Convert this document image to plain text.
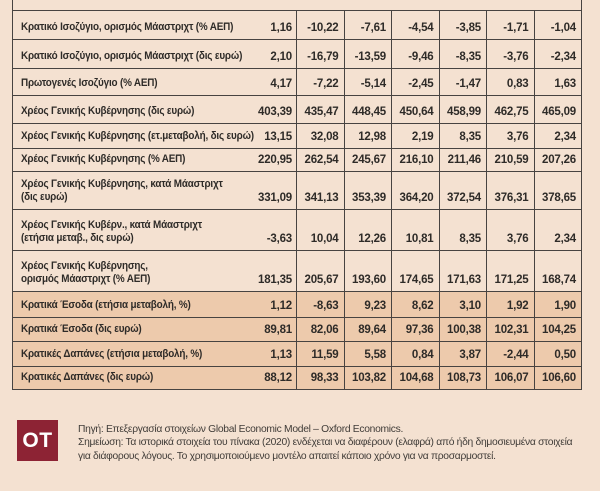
Κρατικό Ισοζύγιο, ορισμός Μάαστριχτ (% ΑΕΠ)	1,16	-10,22	-7,61	-4,54	-3,85	-1,71	-1,04
Κρατικό Ισοζύγιο, ορισμός Μάαστριχτ (δις ευρώ) 2,10	-16,79	-13,59	-9,46	-8,35	-3,76	-2,34
Πρωτογενές Ισοζύγιο (% ΑΕΠ)	4,17	-7,22	-5,14	-2,45	-1,47	0,83	1,63
Χρέος Γενικής Κυβέρνησης (δις ευρώ)	403,39	435,47	448,45	450,64	458,99	462,75	465,09
Χρέος Γενικής Κυβέρνησης (ετ.μεταβολή, δις ευρώ) 13,15	32,08	12,98	2,19	8,35	3,76	2,34
Χρέος Γενικής Κυβέρνησης (% ΑΕΠ)	220,95	262,54	245,67	216,10	211,46	210,59	207,26
Χρέος Γενικής Κυβέρνησης, κατά Μάαστριχτ
(δις ευρώ)	331,09	341,13	353,39	364,20	372,54	376,31	378,65
Χρέος Γενικής Κυβέρν., κατά Μάαστριχτ
(ετήσια μεταβ., δις ευρώ)	-3,63	10,04	12,26	10,81	8,35	3,76	2,34
Χρέος Γενικής Κυβέρνησης,
ορισμός Μάαστριχτ (% ΑΕΠ)	181,35	205,67	193,60	174,65	171,63	171,25	168,74
Κρατικά Έσοδα (ετήσια μεταβολή, %)	1,12	-8,63	9,23	8,62	3,10	1,92	1,90
Κρατικά Έσοδα (δις ευρώ)	89,81	82,06	89,64	97,36	100,38	102,31	104,25
Κρατικές Δαπάνες (ετήσια μεταβολή, %)	1,13	11,59	5,58	0,84	3,87	-2,44	0,50
Κρατικές Δαπάνες (δις ευρώ)	88,12	98,33	103,82	104,68	108,73	106,07	106,60
OT Πηγή: Επεξεργασία στοιχείων Global Economic Model – Oxford Economics.
Σημείωση: Τα ιστορικά στοιχεία του πίνακα (2020) ενδέχεται να διαφέρουν (ελαφρά) από ήδη δημοσιευμένα στοιχεία για διάφορους λόγους. Το χρησιμοποιούμενο μοντέλο απαιτεί κάποιο χρόνο για να προσαρμοστεί.
